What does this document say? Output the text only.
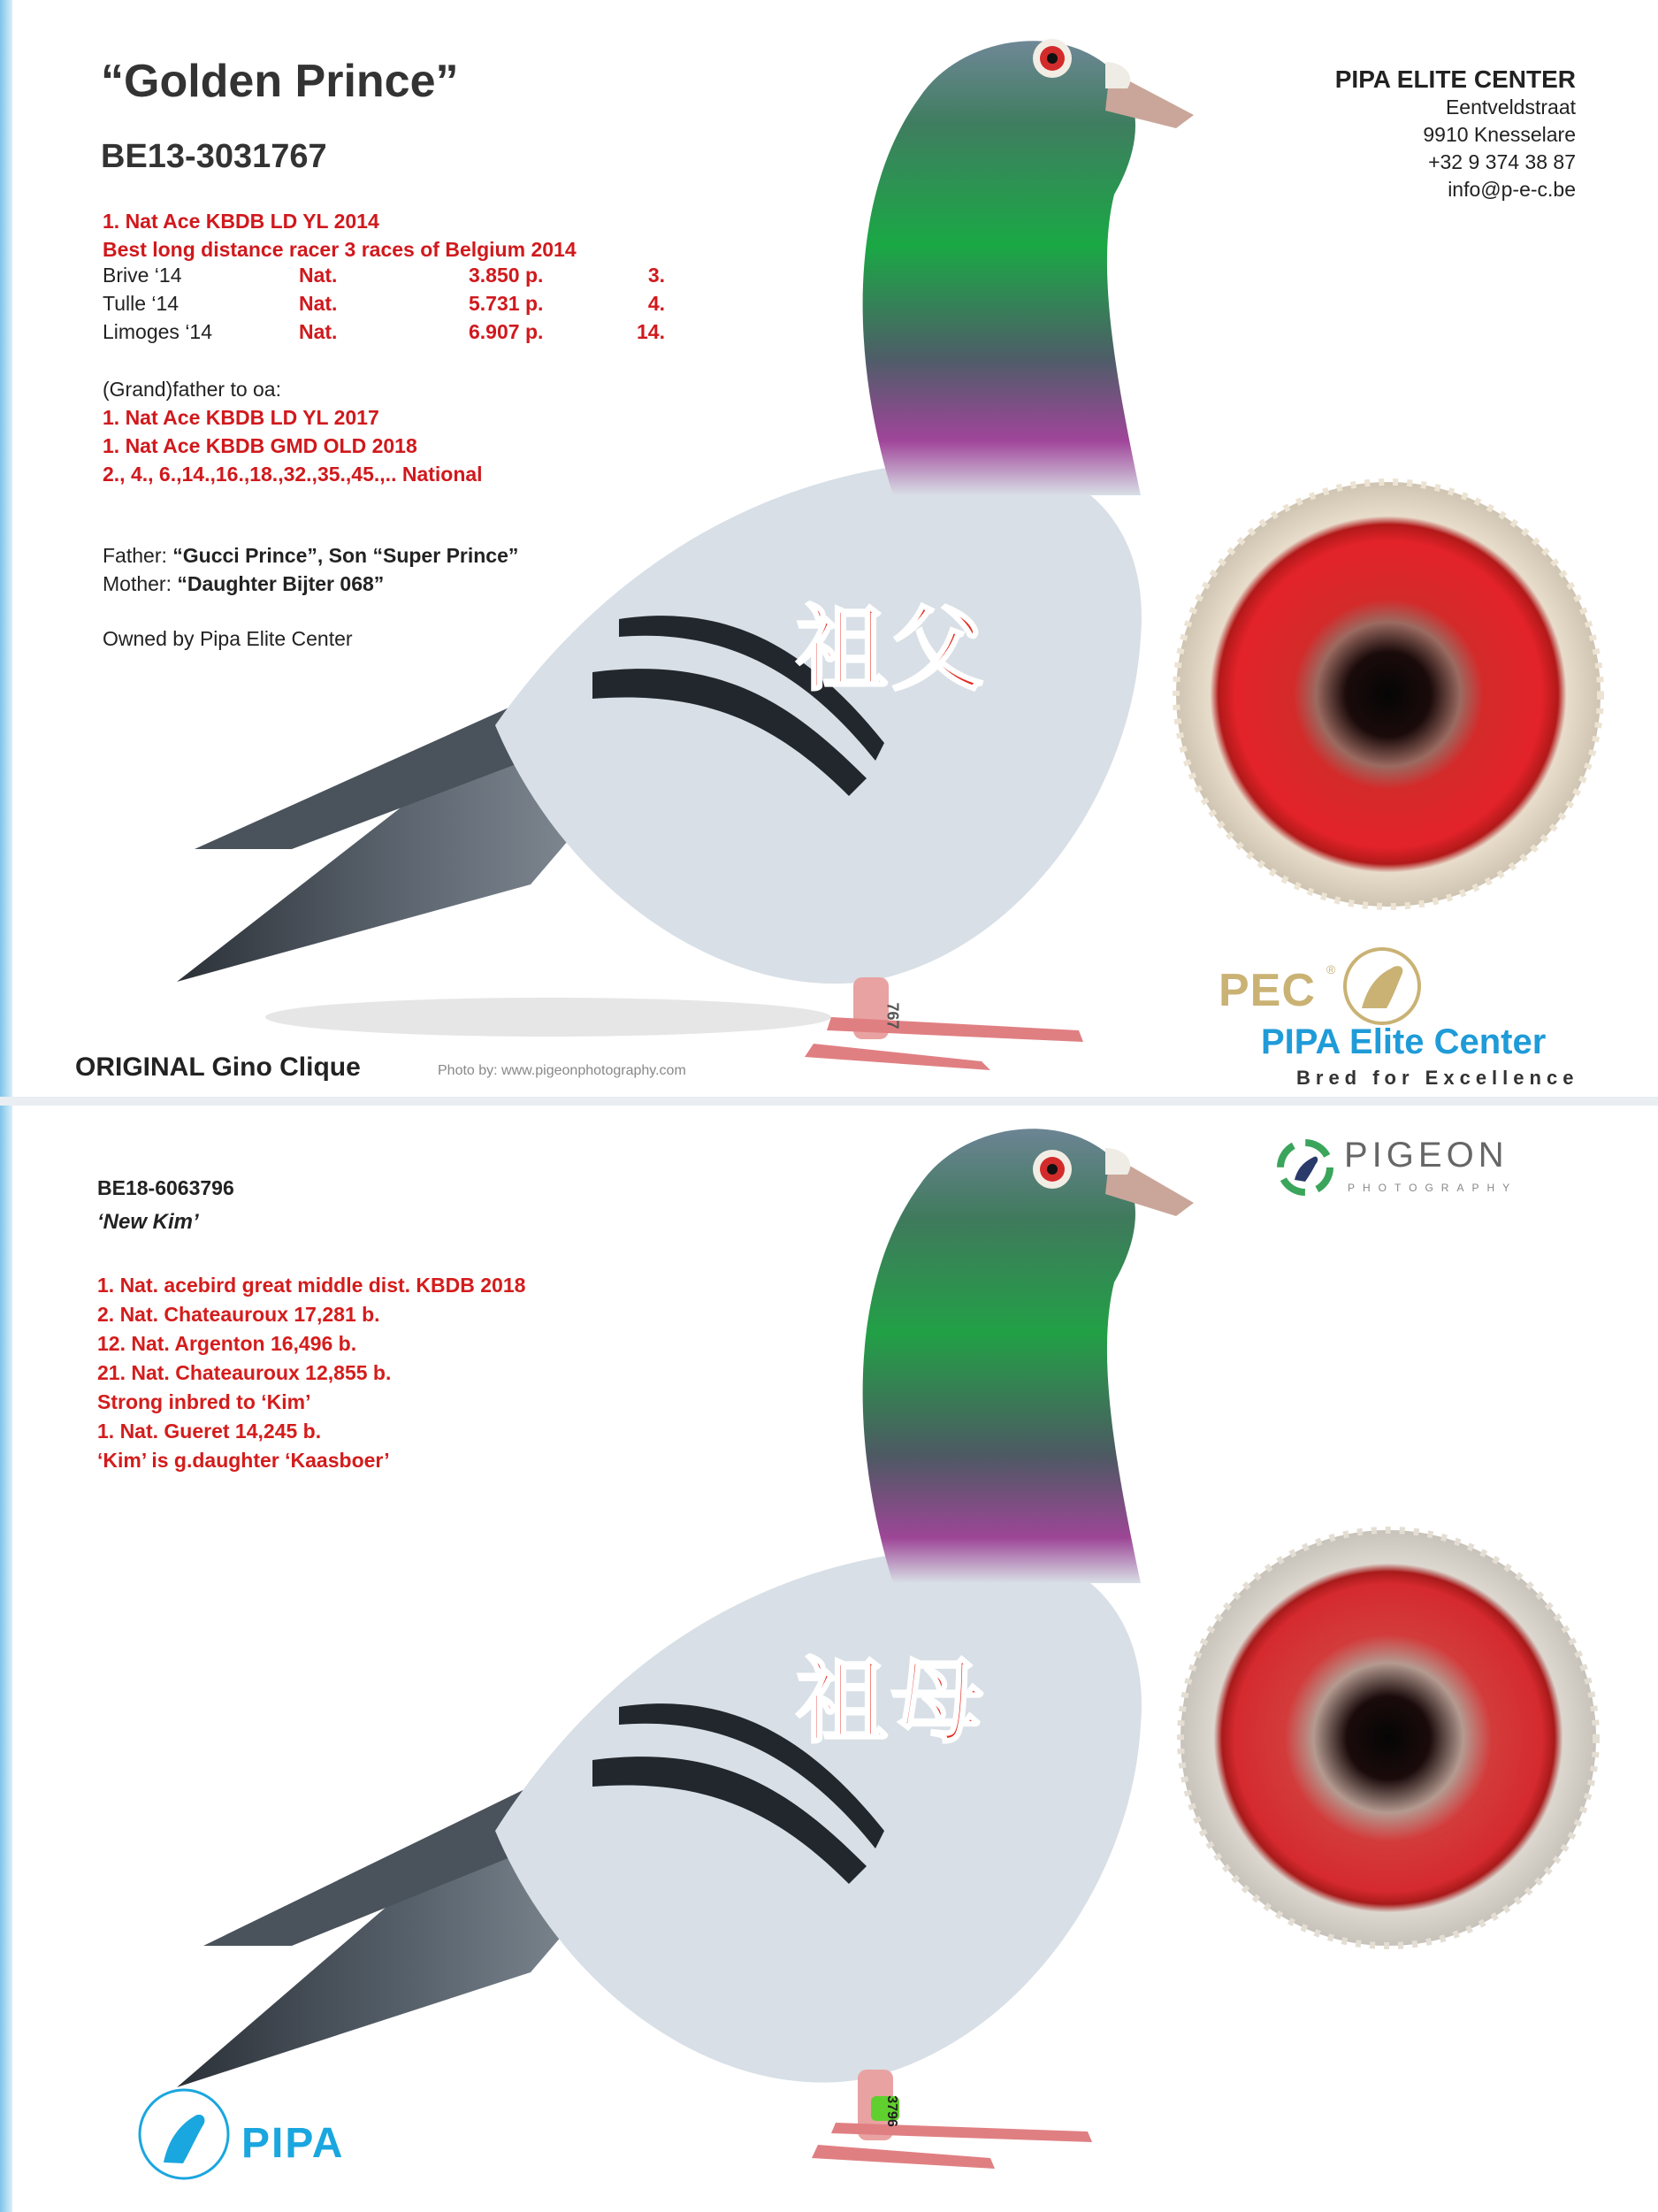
“Golden Prince”
BE13-3031767
1. Nat Ace KBDB LD YL 2014
Best long distance racer 3 races of Belgium 2014
Brive ‘14	Nat.	3.850 p.	3.
Tulle ‘14	Nat.	5.731 p.	4.
Limoges ‘14	Nat.	6.907 p.	14.
(Grand)father to oa:
1. Nat Ace KBDB LD YL 2017
1. Nat Ace KBDB GMD OLD 2018
2., 4., 6.,14.,16.,18.,32.,35.,45.,.. National
Father: “Gucci Prince”, Son “Super Prince”
Mother: “Daughter Bijter 068”
Owned by Pipa Elite Center	祖父
767
ORIGINAL Gino Clique	Photo by: www.pigeonphotography.com
PIPA ELITE CENTER
Eentveldstraat
9910 Knesselare
+32 9 374 38 87
info@p-e-c.be
PEC ®
PIPA Elite Center
Bred for Excellence
BE18-6063796
‘New Kim’
1. Nat. acebird great middle dist. KBDB 2018
2. Nat. Chateauroux 17,281 b.
12. Nat. Argenton 16,496 b.
21. Nat. Chateauroux 12,855 b.
Strong inbred to ‘Kim’
1. Nat. Gueret 14,245 b.
‘Kim’ is g.daughter ‘Kaasboer’
祖母
3796
PIGEON
PHOTOGRAPHY
PIPA
